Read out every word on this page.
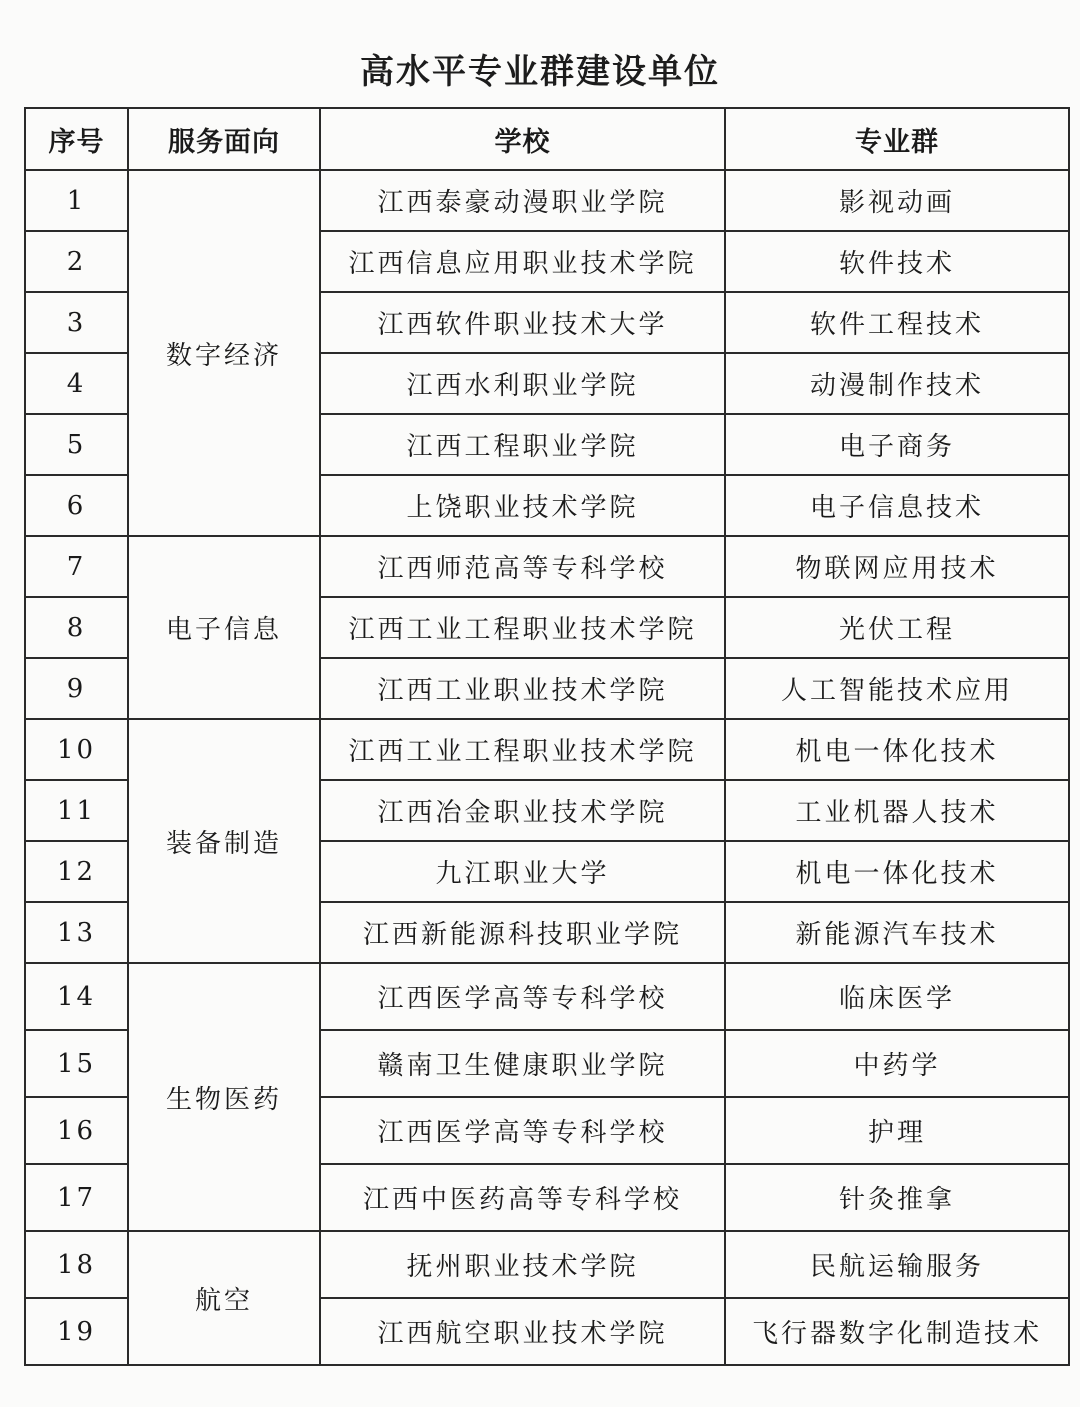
高水平专业群建设单位
序号	服务面向	学校	专业群
1	数字经济	江西泰豪动漫职业学院	影视动画
2		江西信息应用职业技术学院	软件技术
3		江西软件职业技术大学	软件工程技术
4		江西水利职业学院	动漫制作技术
5		江西工程职业学院	电子商务
6		上饶职业技术学院	电子信息技术
7	电子信息	江西师范高等专科学校	物联网应用技术
8		江西工业工程职业技术学院	光伏工程
9		江西工业职业技术学院	人工智能技术应用
10	装备制造	江西工业工程职业技术学院	机电一体化技术
11		江西冶金职业技术学院	工业机器人技术
12		九江职业大学	机电一体化技术
13		江西新能源科技职业学院	新能源汽车技术
14	生物医药	江西医学高等专科学校	临床医学
15		赣南卫生健康职业学院	中药学
16		江西医学高等专科学校	护理
17		江西中医药高等专科学校	针灸推拿
18	航空	抚州职业技术学院	民航运输服务
19		江西航空职业技术学院	飞行器数字化制造技术
